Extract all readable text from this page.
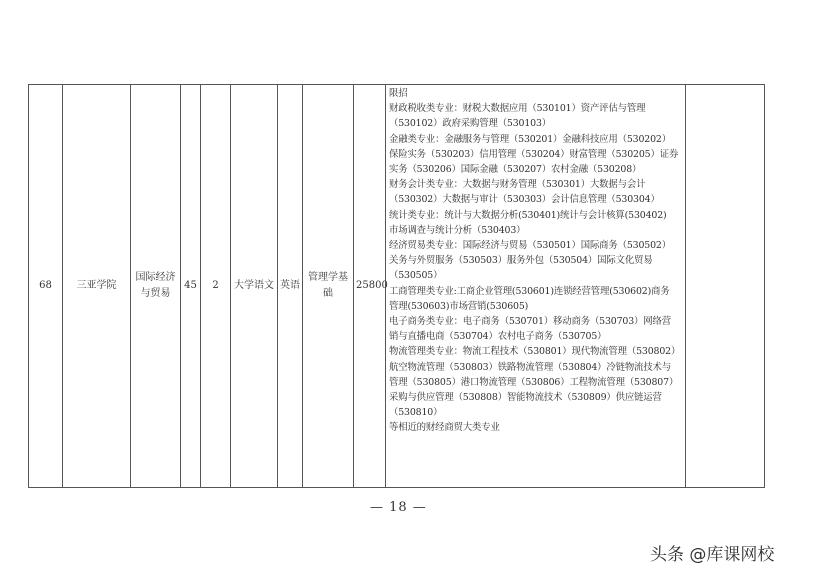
68	三亚学院	国际经济与贸易	45	2	大学语文	英语	管理学基础	25800	
限招
财政税收类专业：财税大数据应用（530101）资产评估与管理
（530102）政府采购管理（530103）
金融类专业：金融服务与管理（530201）金融科技应用（530202）
保险实务（530203）信用管理（530204）财富管理（530205）证券
实务（530206）国际金融（530207）农村金融（530208）
财务会计类专业：大数据与财务管理（530301）大数据与会计
（530302）大数据与审计（530303）会计信息管理（530304）
统计类专业：统计与大数据分析(530401)统计与会计核算(530402)
市场调查与统计分析（530403）
经济贸易类专业：国际经济与贸易（530501）国际商务（530502）
关务与外贸服务（530503）服务外包（530504）国际文化贸易
（530505）
工商管理类专业:工商企业管理(530601)连锁经营管理(530602)商务
管理(530603)市场营销(530605)
电子商务类专业：电子商务（530701）移动商务（530703）网络营
销与直播电商（530704）农村电子商务（530705）
物流管理类专业：物流工程技术（530801）现代物流管理（530802）
航空物流管理（530803）铁路物流管理（530804）冷链物流技术与
管理（530805）港口物流管理（530806）工程物流管理（530807）
采购与供应管理（530808）智能物流技术（530809）供应链运营
（530810）
等相近的财经商贸大类专业

— 18 —
头条 @库课网校
